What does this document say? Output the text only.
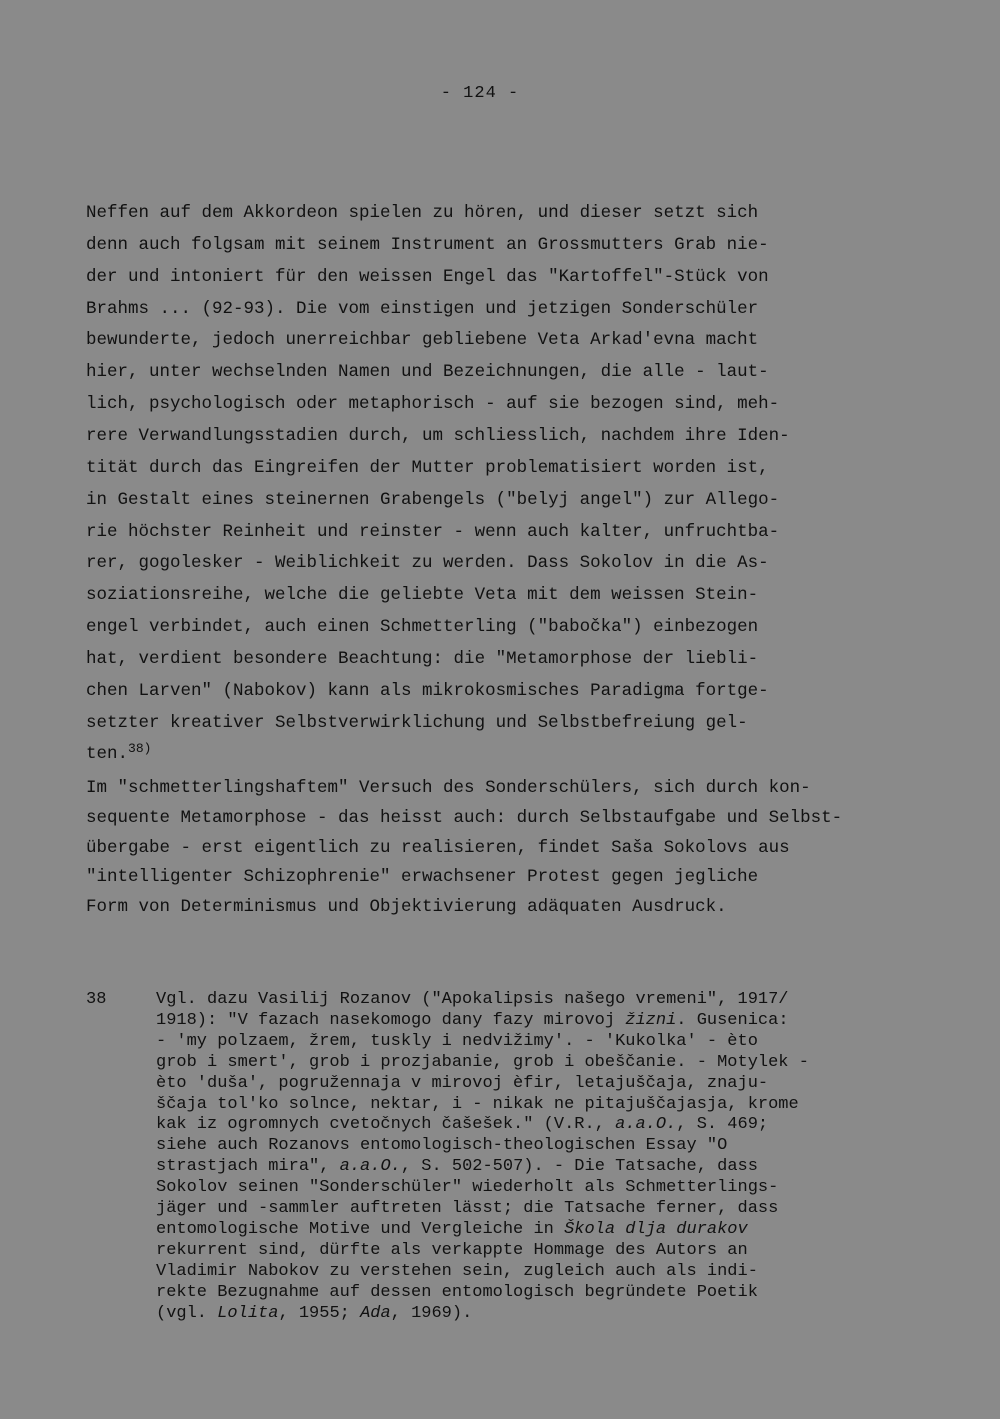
- 124 -
Neffen auf dem Akkordeon spielen zu hören, und dieser setzt sich
denn auch folgsam mit seinem Instrument an Grossmutters Grab nie-
der und intoniert für den weissen Engel das "Kartoffel"-Stück von
Brahms ... (92-93). Die vom einstigen und jetzigen Sonderschüler
bewunderte, jedoch unerreichbar gebliebene Veta Arkad'evna macht
hier, unter wechselnden Namen und Bezeichnungen, die alle - laut-
lich, psychologisch oder metaphorisch - auf sie bezogen sind, meh-
rere Verwandlungsstadien durch, um schliesslich, nachdem ihre Iden-
tität durch das Eingreifen der Mutter problematisiert worden ist,
in Gestalt eines steinernen Grabengels ("belyj angel") zur Allego-
rie höchster Reinheit und reinster - wenn auch kalter, unfruchtba-
rer, gogolesker - Weiblichkeit zu werden. Dass Sokolov in die As-
soziationsreihe, welche die geliebte Veta mit dem weissen Stein-
engel verbindet, auch einen Schmetterling ("babočka") einbezogen
hat, verdient besondere Beachtung: die "Metamorphose der liebli-
chen Larven" (Nabokov) kann als mikrokosmisches Paradigma fortge-
setzter kreativer Selbstverwirklichung und Selbstbefreiung gel-
ten.$^{38)}$
Im "schmetterlingshaftem" Versuch des Sonderschülers, sich durch kon-
sequente Metamorphose - das heisst auch: durch Selbstaufgabe und Selbst-
übergabe - erst eigentlich zu realisieren, findet Saša Sokolovs aus
"intelligenter Schizophrenie" erwachsener Protest gegen jegliche
Form von Determinismus und Objektivierung adäquaten Ausdruck.
38	Vgl. dazu Vasilij Rozanov ("Apokalipsis našego vremeni", 1917/
1918): "V fazach nasekomogo dany fazy mirovoj žizni. Gusenica:
- 'my polzaem, žrem, tuskly i nedvižimy'. - 'Kukolka' - èto
grob i smert', grob i prozjabanie, grob i obeščanie. - Motylek -
èto 'duša', pogružennaja v mirovoj èfir, letajuščaja, znaju-
ščaja tol'ko solnce, nektar, i - nikak ne pitajuščajasja, krome
kak iz ogromnych cvetočnych čašešek." (V.R., a.a.O., S. 469;
siehe auch Rozanovs entomologisch-theologischen Essay "O
strastjach mira", a.a.O., S. 502-507). - Die Tatsache, dass
Sokolov seinen "Sonderschüler" wiederholt als Schmetterlings-
jäger und -sammler auftreten lässt; die Tatsache ferner, dass
entomologische Motive und Vergleiche in Škola dlja durakov
rekurrent sind, dürfte als verkappte Hommage des Autors an
Vladimir Nabokov zu verstehen sein, zugleich auch als indi-
rekte Bezugnahme auf dessen entomologisch begründete Poetik
(vgl. Lolita, 1955; Ada, 1969).
